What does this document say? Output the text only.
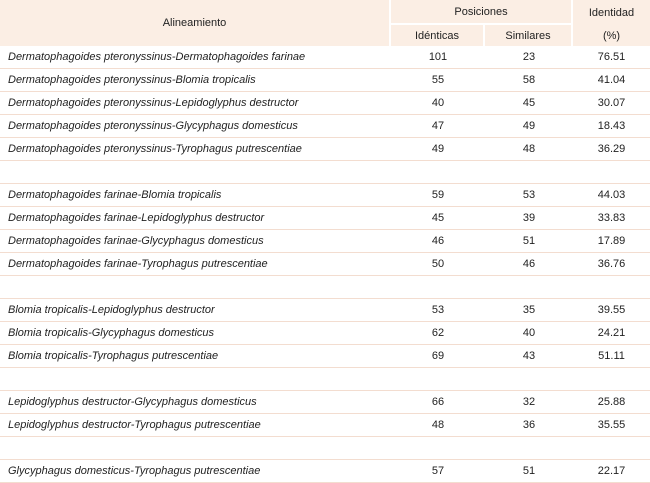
Alineamiento	Posiciones		Identidad
	Idénticas	Similares	(%)
Dermatophagoides pteronyssinus-Dermatophagoides farinae	101	23	76.51
Dermatophagoides pteronyssinus-Blomia tropicalis	55	58	41.04
Dermatophagoides pteronyssinus-Lepidoglyphus destructor	40	45	30.07
Dermatophagoides pteronyssinus-Glycyphagus domesticus	47	49	18.43
Dermatophagoides pteronyssinus-Tyrophagus putrescentiae	49	48	36.29

Dermatophagoides farinae-Blomia tropicalis	59	53	44.03
Dermatophagoides farinae-Lepidoglyphus destructor	45	39	33.83
Dermatophagoides farinae-Glycyphagus domesticus	46	51	17.89
Dermatophagoides farinae-Tyrophagus putrescentiae	50	46	36.76

Blomia tropicalis-Lepidoglyphus destructor	53	35	39.55
Blomia tropicalis-Glycyphagus domesticus	62	40	24.21
Blomia tropicalis-Tyrophagus putrescentiae	69	43	51.11

Lepidoglyphus destructor-Glycyphagus domesticus	66	32	25.88
Lepidoglyphus destructor-Tyrophagus putrescentiae	48	36	35.55

Glycyphagus domesticus-Tyrophagus putrescentiae	57	51	22.17
